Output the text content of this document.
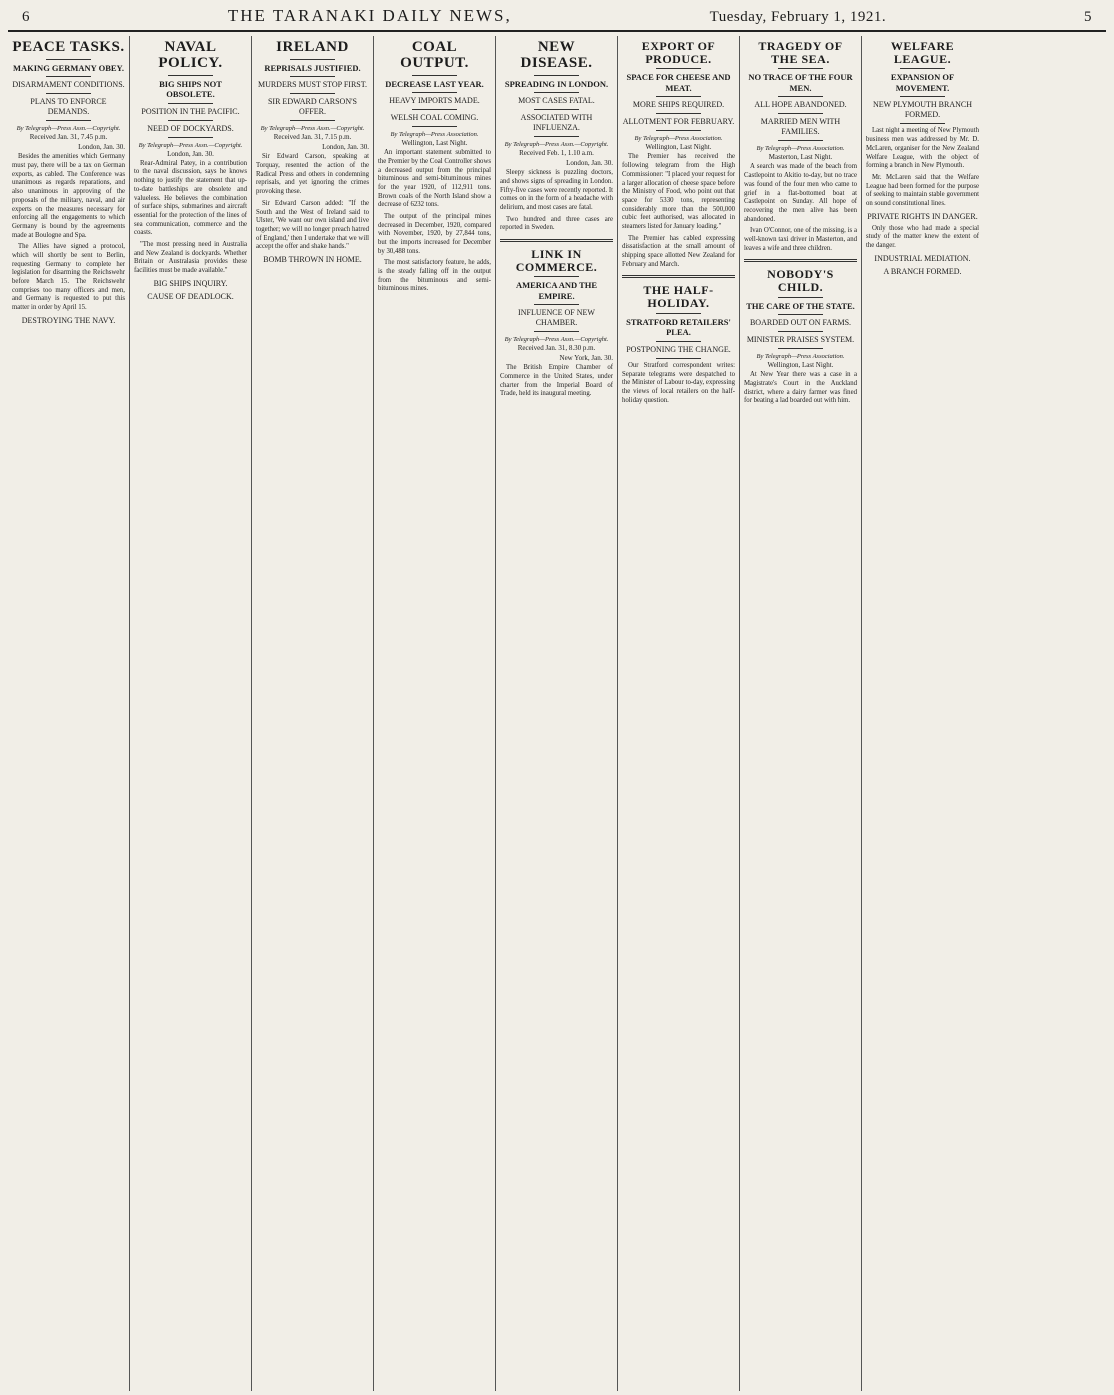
6	THE TARANAKI DAILY NEWS,	Tuesday, February 1, 1921.	5
PEACE TASKS.
MAKING GERMANY OBEY.
DISARMAMENT CONDITIONS.
PLANS TO ENFORCE DEMANDS.
By Telegraph—Press Assn.—Copyright.
Received Jan. 31, 7.45 p.m.
London, Jan. 30.

Besides the amenities which Germany must pay, there will be a tax on German exports, as cabled. The Conference was unanimous as regards reparations, and also unanimous in approving of the proposals of the military, naval, and air experts on the measures necessary for enforcing all the engagements to which Germany is bound by the agreements made at Boulogne and Spa.

The Allies have signed a protocol, which will shortly be sent to Berlin, requesting Germany to complete her legislation for disarming the Reichswehr before March 15. The Reichswehr comprises too many officers and men, and Germany is requested to put this matter in order by April 15.

DESTROYING THE NAVY.
NAVAL POLICY.
BIG SHIPS NOT OBSOLETE.
POSITION IN THE PACIFIC.
NEED OF DOCKYARDS.
By Telegraph—Press Assn.—Copyright.
London, Jan. 30.

Rear-Admiral Patey, in a contribution to the naval discussion, says he knows nothing to justify the statement that up-to-date battleships are obsolete and valueless. He believes the combination of surface ships, submarines and aircraft essential for the protection of the lines of sea communication, commerce and the coasts.

"The most pressing need in Australia and New Zealand is dockyards. Whether Britain or Australasia provides these facilities must be made available."

BIG SHIPS INQUIRY.
CAUSE OF DEADLOCK.
IRELAND
REPRISALS JUSTIFIED.
MURDERS MUST STOP FIRST.
SIR EDWARD CARSON'S OFFER.
By Telegraph—Press Assn.—Copyright.
Received Jan. 31, 7.15 p.m.
London, Jan. 30.

Sir Edward Carson, speaking at Torquay, resented the action of the Radical Press and others in condemning reprisals, and yet ignoring the crimes provoking these.

Sir Edward Carson added: "If the South and the West of Ireland said to Ulster, 'We want our own island and live together; we will no longer preach hatred of England,' then I undertake that we will accept the offer and shake hands."

BOMB THROWN IN HOME.
COAL OUTPUT.
DECREASE LAST YEAR.
HEAVY IMPORTS MADE.
WELSH COAL COMING.
By Telegraph—Press Association.
Wellington, Last Night.

An important statement submitted to the Premier by the Coal Controller shows a decreased output from the principal bituminous and semi-bituminous mines for the year 1920, of 112,911 tons. Brown coals of the North Island show a decrease of 6232 tons.

The output of the principal mines decreased in December, 1920, compared with November, 1920, by 27,844 tons, but the imports increased for December by 30,488 tons.

The most satisfactory feature, he adds, is the steady falling off in the output from the bituminous and semi-bituminous mines.

NEW DISEASE.
SPREADING IN LONDON.
MOST CASES FATAL.
ASSOCIATED WITH INFLUENZA.
By Telegraph—Press Assn.—Copyright.
Received Feb. 1, 1.10 a.m.
London, Jan. 30.

Sleepy sickness is puzzling doctors, and shows signs of spreading in London. Fifty-five cases were recently reported. It comes on in the form of a headache with delirium, and most cases are fatal.

Two hundred and three cases are reported in Sweden.

LINK IN COMMERCE.
AMERICA AND THE EMPIRE.
INFLUENCE OF NEW CHAMBER.
By Telegraph—Press Assn.—Copyright.
Received Jan. 31, 8.30 p.m.
New York, Jan. 30.

The British Empire Chamber of Commerce in the United States, under charter from the Imperial Board of Trade, held its inaugural meeting.

EXPORT OF PRODUCE.
SPACE FOR CHEESE AND MEAT.
MORE SHIPS REQUIRED.
ALLOTMENT FOR FEBRUARY.
By Telegraph—Press Association.
Wellington, Last Night.

The Premier has received the following telegram from the High Commissioner: "I placed your request for a larger allocation of cheese space before the Ministry of Food, who point out that space for 5330 tons, representing considerably more than the 500,000 cubic feet authorised, was allocated in steamers listed for January loading."

The Premier has cabled expressing dissatisfaction at the small amount of shipping space allotted New Zealand for February and March.

THE HALF-HOLIDAY.
STRATFORD RETAILERS' PLEA.
POSTPONING THE CHANGE.

Our Stratford correspondent writes: Separate telegrams were despatched to the Minister of Labour to-day, expressing the views of local retailers on the half-holiday question.

TRAGEDY OF THE SEA.
NO TRACE OF THE FOUR MEN.
ALL HOPE ABANDONED.
MARRIED MEN WITH FAMILIES.
By Telegraph—Press Association.
Masterton, Last Night.

A search was made of the beach from Castlepoint to Akitio to-day, but no trace was found of the four men who came to grief in a flat-bottomed boat at Castlepoint on Sunday. All hope of recovering the men alive has been abandoned.

Ivan O'Connor, one of the missing, is a well-known taxi driver in Masterton, and leaves a wife and three children.

NOBODY'S CHILD.
THE CARE OF THE STATE.
BOARDED OUT ON FARMS.
MINISTER PRAISES SYSTEM.
By Telegraph—Press Association.
Wellington, Last Night.

At New Year there was a case in a Magistrate's Court in the Auckland district, where a dairy farmer was fined for beating a lad boarded out with him.

WELFARE LEAGUE.
EXPANSION OF MOVEMENT.
NEW PLYMOUTH BRANCH FORMED.

Last night a meeting of New Plymouth business men was addressed by Mr. D. McLaren, organiser for the New Zealand Welfare League, with the object of forming a branch in New Plymouth.

Mr. McLaren said that the Welfare League had been formed for the purpose of seeking to maintain stable government on sound constitutional lines.

PRIVATE RIGHTS IN DANGER.

Only those who had made a special study of the matter knew the extent of the danger.

INDUSTRIAL MEDIATION.
A BRANCH FORMED.
